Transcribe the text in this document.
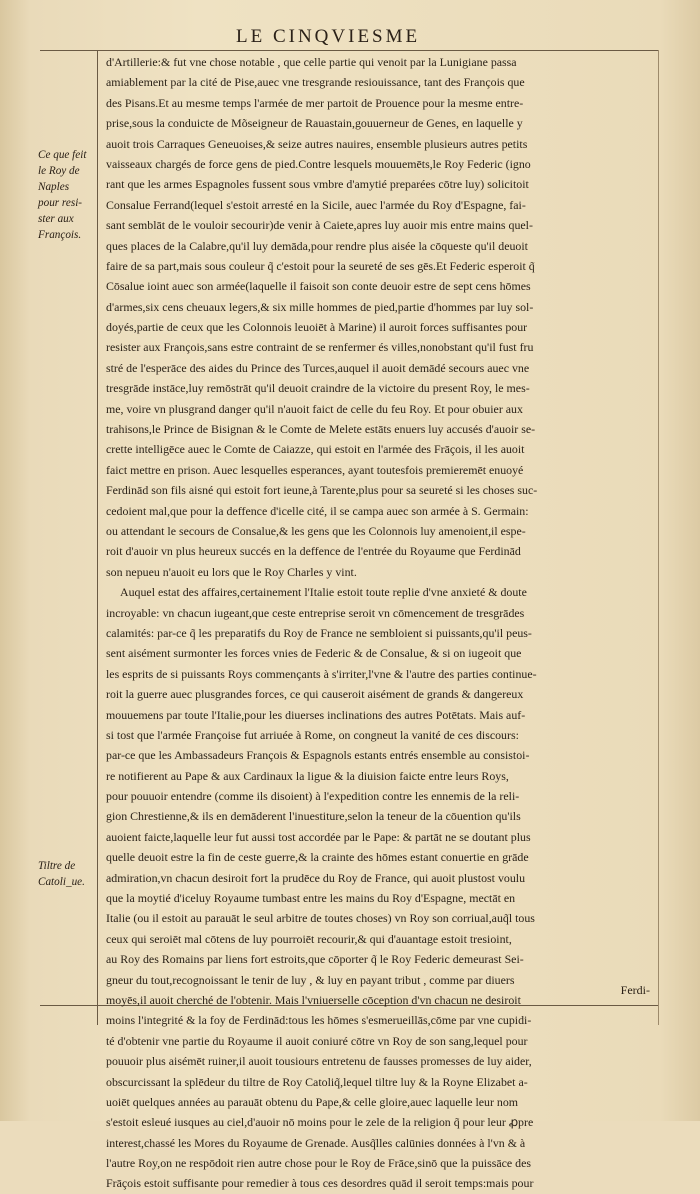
LE CINQVIESME
Ce que feit
le Roy de
Naples
pour resi-
ster aux
François.
Tiltre de
Catoli_ue.
d'Artillerie:& fut vne chose notable , que celle partie qui venoit par la Lunigiane passa
amiablement par la cité de Pise,auec vne tresgrande resiouissance, tant des François que
des Pisans.Et au mesme temps l'armée de mer partoit de Prouence pour la mesme entre-
prise,sous la conduicte de Mõseigneur de Rauastain,gouuerneur de Genes, en laquelle y
auoit trois Carraques Geneuoises,& seize autres nauires, ensemble plusieurs autres petits
vaisseaux chargés de force gens de pied.Contre lesquels mouuemēts,le Roy Federic (igno
rant que les armes Espagnoles fussent sous vmbre d'amytié preparées cōtre luy) solicitoit
Consalue Ferrand(lequel s'estoit arresté en la Sicile, auec l'armée du Roy d'Espagne, fai-
sant semblāt de le vouloir secourir)de venir à Caiete,apres luy auoir mis entre mains quel-
ques places de la Calabre,qu'il luy demāda,pour rendre plus aisée la cōqueste qu'il deuoit
faire de sa part,mais sous couleur q̃ c'estoit pour la seureté de ses gēs.Et Federic esperoit q̃
Cōsalue ioint auec son armée(laquelle il faisoit son conte deuoir estre de sept cens hōmes
d'armes,six cens cheuaux legers,& six mille hommes de pied,partie d'hommes par luy sol-
doyés,partie de ceux que les Colonnois leuoiēt à Marine) il auroit forces suffisantes pour
resister aux François,sans estre contraint de se renfermer és villes,nonobstant qu'il fust fru
stré de l'esperāce des aides du Prince des Turces,auquel il auoit demādé secours auec vne
tresgrāde instāce,luy remōstrāt qu'il deuoit craindre de la victoire du present Roy, le mes-
me, voire vn plusgrand danger qu'il n'auoit faict de celle du feu Roy. Et pour obuier aux
trahisons,le Prince de Bisignan & le Comte de Melete estāts enuers luy accusés d'auoir se-
crette intelligēce auec le Comte de Caiazze, qui estoit en l'armée des Frāçois, il les auoit
faict mettre en prison. Auec lesquelles esperances, ayant toutesfois premieremēt enuoyé
Ferdinād son fils aisné qui estoit fort ieune,à Tarente,plus pour sa seureté si les choses suc-
cedoient mal,que pour la deffence d'icelle cité, il se campa auec son armée à S. Germain:
ou attendant le secours de Consalue,& les gens que les Colonnois luy amenoient,il espe-
roit d'auoir vn plus heureux succés en la deffence de l'entrée du Royaume que Ferdinād
son nepueu n'auoit eu lors que le Roy Charles y vint.
Auquel estat des affaires,certainement l'Italie estoit toute replie d'vne anxieté & doute
incroyable: vn chacun iugeant,que ceste entreprise seroit vn cōmencement de tresgrādes
calamités: par-ce q̃ les preparatifs du Roy de France ne sembloient si puissants,qu'il peus-
sent aisément surmonter les forces vnies de Federic & de Consalue, & si on iugeoit que
les esprits de si puissants Roys commençants à s'irriter,l'vne & l'autre des parties continue-
roit la guerre auec plusgrandes forces, ce qui causeroit aisément de grands & dangereux
mouuemens par toute l'Italie,pour les diuerses inclinations des autres Potētats. Mais auf-
si tost que l'armée Françoise fut arriuée à Rome, on congneut la vanité de ces discours:
par-ce que les Ambassadeurs François & Espagnols estants entrés ensemble au consistoi-
re notifierent au Pape & aux Cardinaux la ligue & la diuision faicte entre leurs Roys,
pour pouuoir entendre (comme ils disoient) à l'expedition contre les ennemis de la reli-
gion Chrestienne,& ils en demāderent l'inuestiture,selon la teneur de la cōuention qu'ils
auoient faicte,laquelle leur fut aussi tost accordée par le Pape: & partāt ne se doutant plus
quelle deuoit estre la fin de ceste guerre,& la crainte des hōmes estant conuertie en grāde
admiration,vn chacun desiroit fort la prudēce du Roy de France, qui auoit plustost voulu
que la moytié d'iceluy Royaume tumbast entre les mains du Roy d'Espagne, mectāt en
Italie (ou il estoit au parauāt le seul arbitre de toutes choses) vn Roy son corriual,auq̃l tous
ceux qui seroiēt mal cōtens de luy pourroiēt recourir,& qui d'auantage estoit tresioint,
au Roy des Romains par liens fort estroits,que cōporter q̃ le Roy Federic demeurast Sei-
gneur du tout,recognoissant le tenir de luy , & luy en payant tribut , comme par diuers
moyēs,il auoit cherché de l'obtenir. Mais l'vniuerselle cōception d'vn chacun ne desiroit
moins l'integrité & la foy de Ferdinād:tous les hōmes s'esmerueillās,cōme par vne cupidi-
té d'obtenir vne partie du Royaume il auoit coniuré cōtre vn Roy de son sang,lequel pour
pouuoir plus aisémēt ruiner,il auoit tousiours entretenu de fausses promesses de luy aider,
obscurcissant la splēdeur du tiltre de Roy Catoliq̃,lequel tiltre luy & la Royne Elizabet a-
uoiēt quelques années au parauāt obtenu du Pape,& celle gloire,auec laquelle leur nom
s'estoit esleué iusques au ciel,d'auoir nō moins pour le zele de la religion q̃ pour leur ꝓpre
interest,chassé les Mores du Royaume de Grenade. Ausq̃lles calūnies données à l'vn & à
l'autre Roy,on ne respōdoit rien autre chose pour le Roy de Frāce,sinō que la puissāce des
Frāçois estoit suffisante pour remedier à tous ces desordres quād il seroit temps:mais pour
Ferdi-
